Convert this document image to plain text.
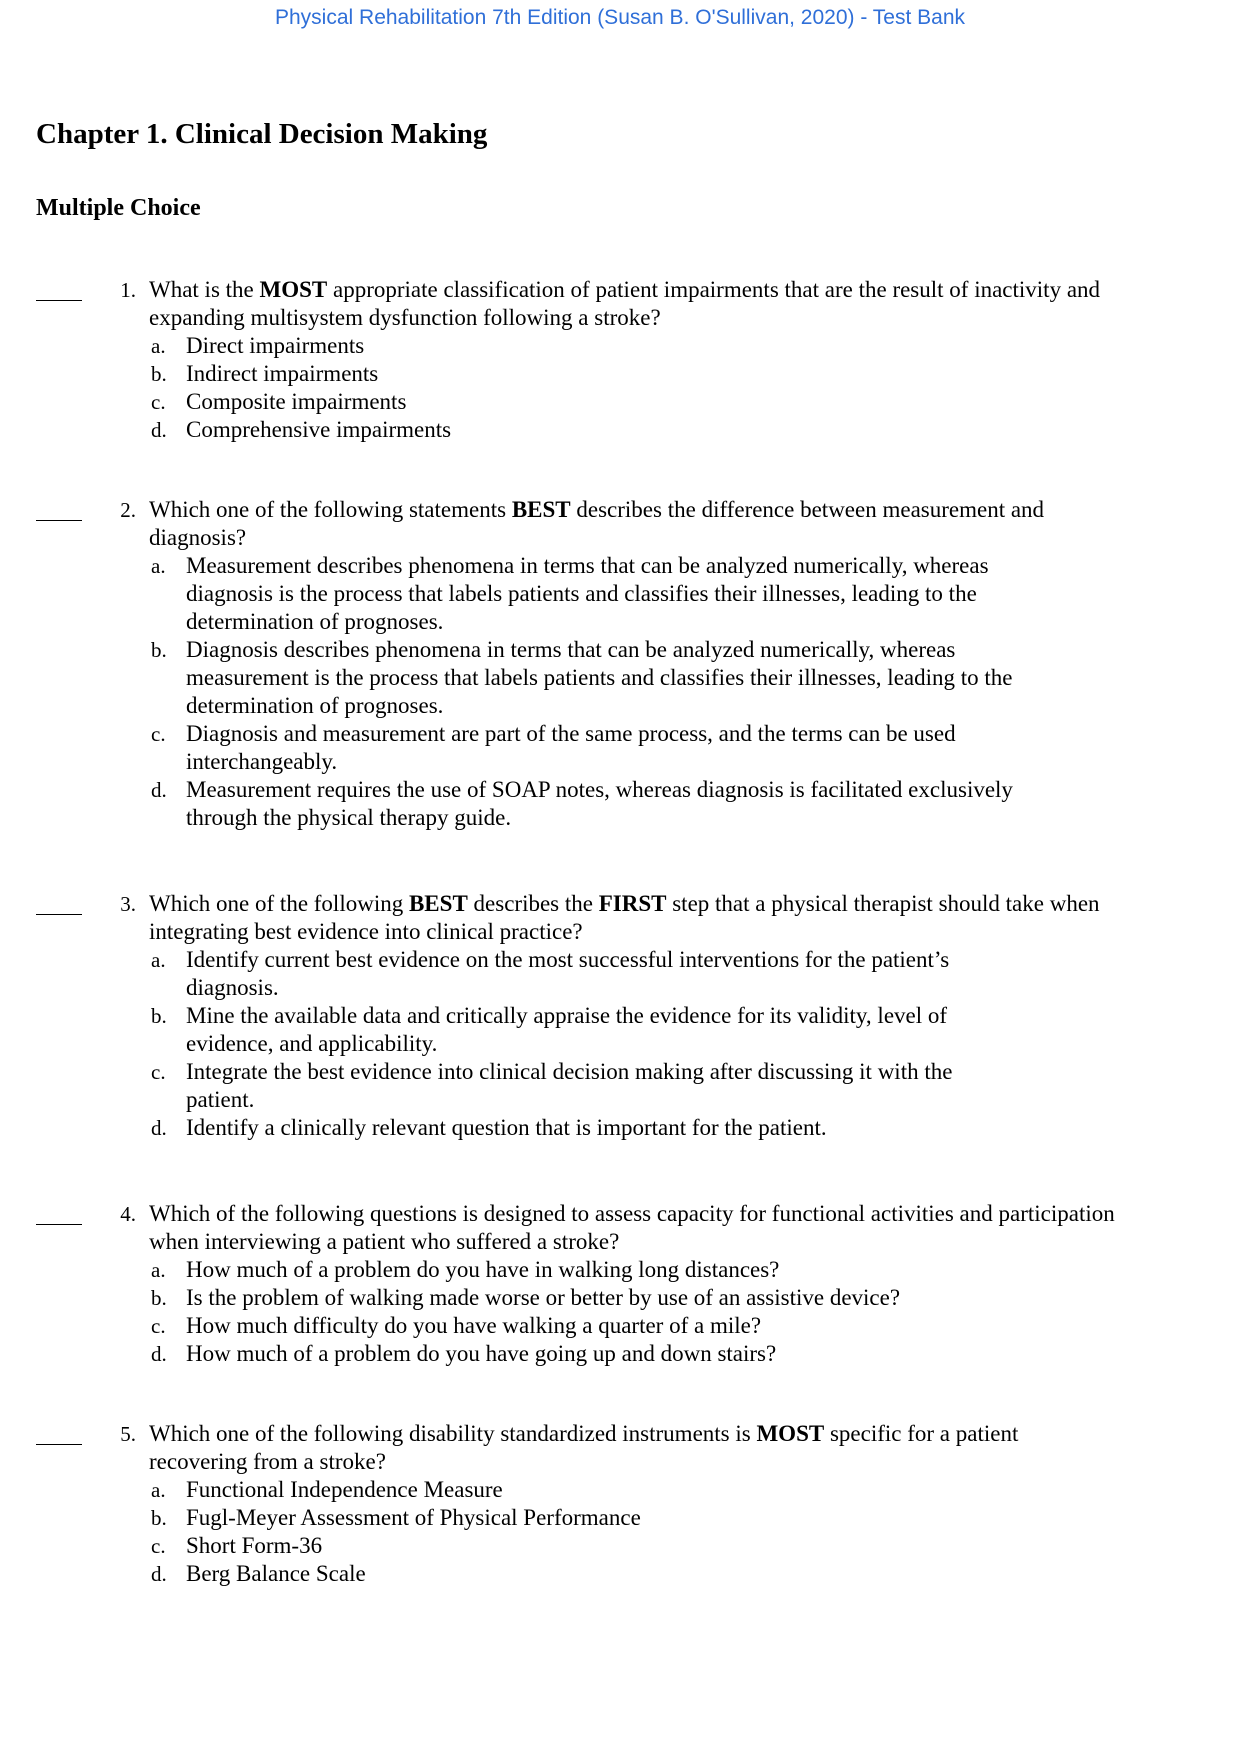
Physical Rehabilitation 7th Edition (Susan B. O'Sullivan, 2020) - Test Bank
Chapter 1. Clinical Decision Making
Multiple Choice
1. What is the MOST appropriate classification of patient impairments that are the result of inactivity and expanding multisystem dysfunction following a stroke?
a. Direct impairments
b. Indirect impairments
c. Composite impairments
d. Comprehensive impairments
2. Which one of the following statements BEST describes the difference between measurement and diagnosis?
a. Measurement describes phenomena in terms that can be analyzed numerically, whereas diagnosis is the process that labels patients and classifies their illnesses, leading to the determination of prognoses.
b. Diagnosis describes phenomena in terms that can be analyzed numerically, whereas measurement is the process that labels patients and classifies their illnesses, leading to the determination of prognoses.
c. Diagnosis and measurement are part of the same process, and the terms can be used interchangeably.
d. Measurement requires the use of SOAP notes, whereas diagnosis is facilitated exclusively through the physical therapy guide.
3. Which one of the following BEST describes the FIRST step that a physical therapist should take when integrating best evidence into clinical practice?
a. Identify current best evidence on the most successful interventions for the patient’s diagnosis.
b. Mine the available data and critically appraise the evidence for its validity, level of evidence, and applicability.
c. Integrate the best evidence into clinical decision making after discussing it with the patient.
d. Identify a clinically relevant question that is important for the patient.
4. Which of the following questions is designed to assess capacity for functional activities and participation when interviewing a patient who suffered a stroke?
a. How much of a problem do you have in walking long distances?
b. Is the problem of walking made worse or better by use of an assistive device?
c. How much difficulty do you have walking a quarter of a mile?
d. How much of a problem do you have going up and down stairs?
5. Which one of the following disability standardized instruments is MOST specific for a patient recovering from a stroke?
a. Functional Independence Measure
b. Fugl-Meyer Assessment of Physical Performance
c. Short Form-36
d. Berg Balance Scale
